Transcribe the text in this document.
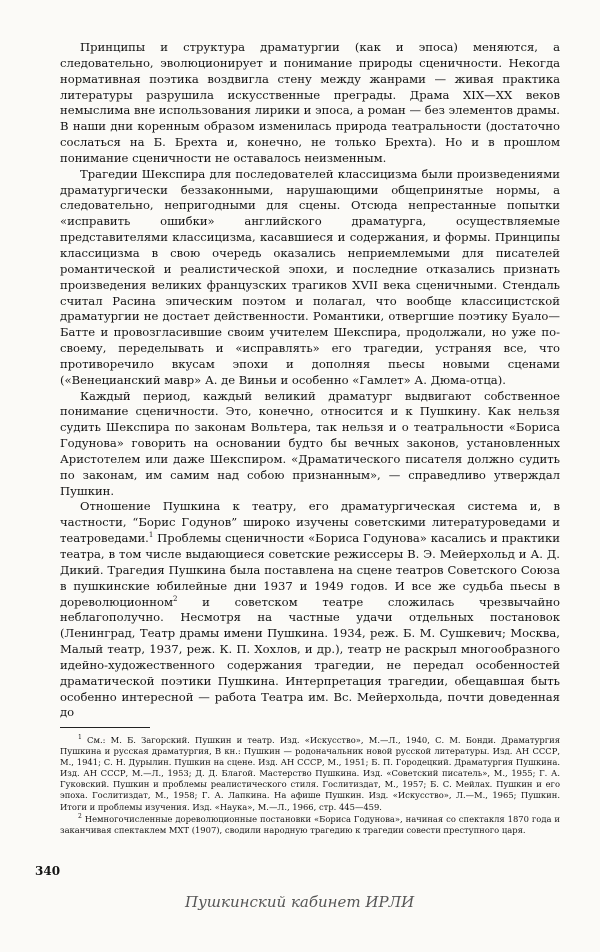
Принципы и структура драматургии (как и эпоса) меняются, а следовательно, эволюционирует и понимание природы сценичности. Некогда нормативная поэтика воздвигла стену между жанрами — живая практика литературы разрушила искусственные преграды. Драма XIX—XX веков немыслима вне использования лирики и эпоса, а роман — без элементов драмы. В наши дни коренным образом изменилась природа театральности (достаточно сослаться на Б. Брехта и, конечно, не только Брехта). Но и в прошлом понимание сценичности не оставалось неизменным.

Трагедии Шекспира для последователей классицизма были произведениями драматургически беззаконными, нарушающими общепринятые нормы, а следовательно, непригодными для сцены. Отсюда непрестанные попытки «исправить ошибки» английского драматурга, осуществляемые представителями классицизма, касавшиеся и содержания, и формы. Принципы классицизма в свою очередь оказались неприемлемыми для писателей романтической и реалистической эпохи, и последние отказались признать произведения великих французских трагиков XVII века сценичными. Стендаль считал Расина эпическим поэтом и полагал, что вообще классицистской драматургии не достает действенности. Романтики, отвергшие поэтику Буало—Батте и провозгласившие своим учителем Шекспира, продолжали, но уже по-своему, переделывать и «исправлять» его трагедии, устраняя все, что противоречило вкусам эпохи и дополняя пьесы новыми сценами («Венецианский мавр» А. де Виньи и особенно «Гамлет» А. Дюма-отца).

Каждый период, каждый великий драматург выдвигают собственное понимание сценичности. Это, конечно, относится и к Пушкину. Как нельзя судить Шекспира по законам Вольтера, так нельзя и о театральности «Бориса Годунова» говорить на основании будто бы вечных законов, установленных Аристотелем или даже Шекспиром. «Драматического писателя должно судить по законам, им самим над собою признанным», — справедливо утверждал Пушкин.

Отношение Пушкина к театру, его драматургическая система и, в частности, “Борис Годунов” широко изучены советскими литературоведами и театроведами.$^1$ Проблемы сценичности «Бориса Годунова» касались и практики театра, в том числе выдающиеся советские режиссеры В. Э. Мейерхольд и А. Д. Дикий. Трагедия Пушкина была поставлена на сцене театров Советского Союза в пушкинские юбилейные дни 1937 и 1949 годов. И все же судьба пьесы в дореволюционном$^2$ и советском театре сложилась чрезвычайно неблагополучно. Несмотря на частные удачи отдельных постановок (Ленинград, Театр драмы имени Пушкина. 1934, реж. Б. М. Сушкевич; Москва, Малый театр, 1937, реж. К. П. Хохлов, и др.), театр не раскрыл многообразного идейно-художественного содержания трагедии, не передал особенностей драматической поэтики Пушкина. Интерпретация трагедии, обещавшая быть особенно интересной — работа Театра им. Вс. Мейерхольда, почти доведенная до

$^1$ См.: М. Б. Загорский. Пушкин и театр. Изд. «Искусство», М.—Л., 1940, С. М. Бонди. Драматургия Пушкина и русская драматургия, В кн.: Пушкин — родоначальник новой русской литературы. Изд. АН СССР, М., 1941; С. Н. Дурылин. Пушкин на сцене. Изд. АН СССР, М., 1951; Б. П. Городецкий. Драматургия Пушкина. Изд. АН СССР, М.—Л., 1953; Д. Д. Благой. Мастерство Пушкина. Изд. «Советский писатель», М., 1955; Г. А. Гуковский. Пушкин и проблемы реалистического стиля. Гослитиздат, М., 1957; Б. С. Мейлах. Пушкин и его эпоха. Гослитиздат, М., 1958; Г. А. Лапкина. На афише Пушкин. Изд. «Искусство», Л.—М., 1965; Пушкин. Итоги и проблемы изучения. Изд. «Наука», М.—Л., 1966, стр. 445—459.

$^2$ Немногочисленные дореволюционные постановки «Бориса Годунова», начиная со спектакля 1870 года и заканчивая спектаклем МХТ (1907), сводили народную трагедию к трагедии совести преступного царя.

340
Пушкинский кабинет ИРЛИ
